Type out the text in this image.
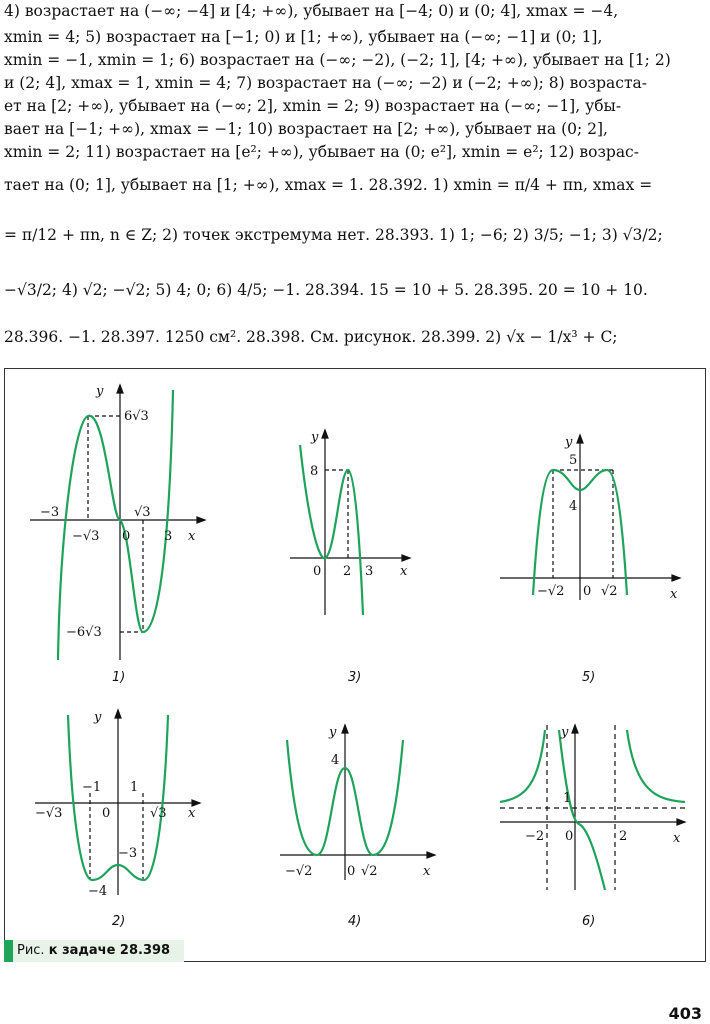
4) возрастает на (−∞; −4] и [4; +∞), убывает на [−4; 0) и (0; 4], xmax = −4,
xmin = 4; 5) возрастает на [−1; 0) и [1; +∞), убывает на (−∞; −1] и (0; 1],
xmin = −1, xmin = 1; 6) возрастает на (−∞; −2), (−2; 1], [4; +∞), убывает на [1; 2)
и (2; 4], xmax = 1, xmin = 4; 7) возрастает на (−∞; −2) и (−2; +∞); 8) возраста-
ет на [2; +∞), убывает на (−∞; 2], xmin = 2; 9) возрастает на (−∞; −1], убы-
вает на [−1; +∞), xmax = −1; 10) возрастает на [2; +∞), убывает на (0; 2],
xmin = 2; 11) возрастает на [e²; +∞), убывает на (0; e²], xmin = e²; 12) возрас-
тает на (0; 1], убывает на [1; +∞), xmax = 1. 28.392. 1) xmin = π/4 + πn, xmax =
= π/12 + πn, n ∈ Z; 2) точек экстремума нет. 28.393. 1) 1; −6; 2) 3/5; −1; 3) √3/2;
−√3/2; 4) √2; −√2; 5) 4; 0; 6) 4/5; −1. 28.394. 15 = 10 + 5. 28.395. 20 = 10 + 10.
28.396. −1. 28.397. 1250 см². 28.398. См. рисунок. 28.399. 2) √x − 1/x³ + C;
y
x
6√3
−3
−√3 0
√3
3
−6√3
y
x
8
0 2 3
y
x
5
4
−√2 0 √2
1)	3)	5)
y
x
−1 1
−√3	0	√3
−3
−4
y
x
4
−√2	0 √2
y
x
1
−2 0	2
2)	4)	6)
Рис. к задаче 28.398
403
